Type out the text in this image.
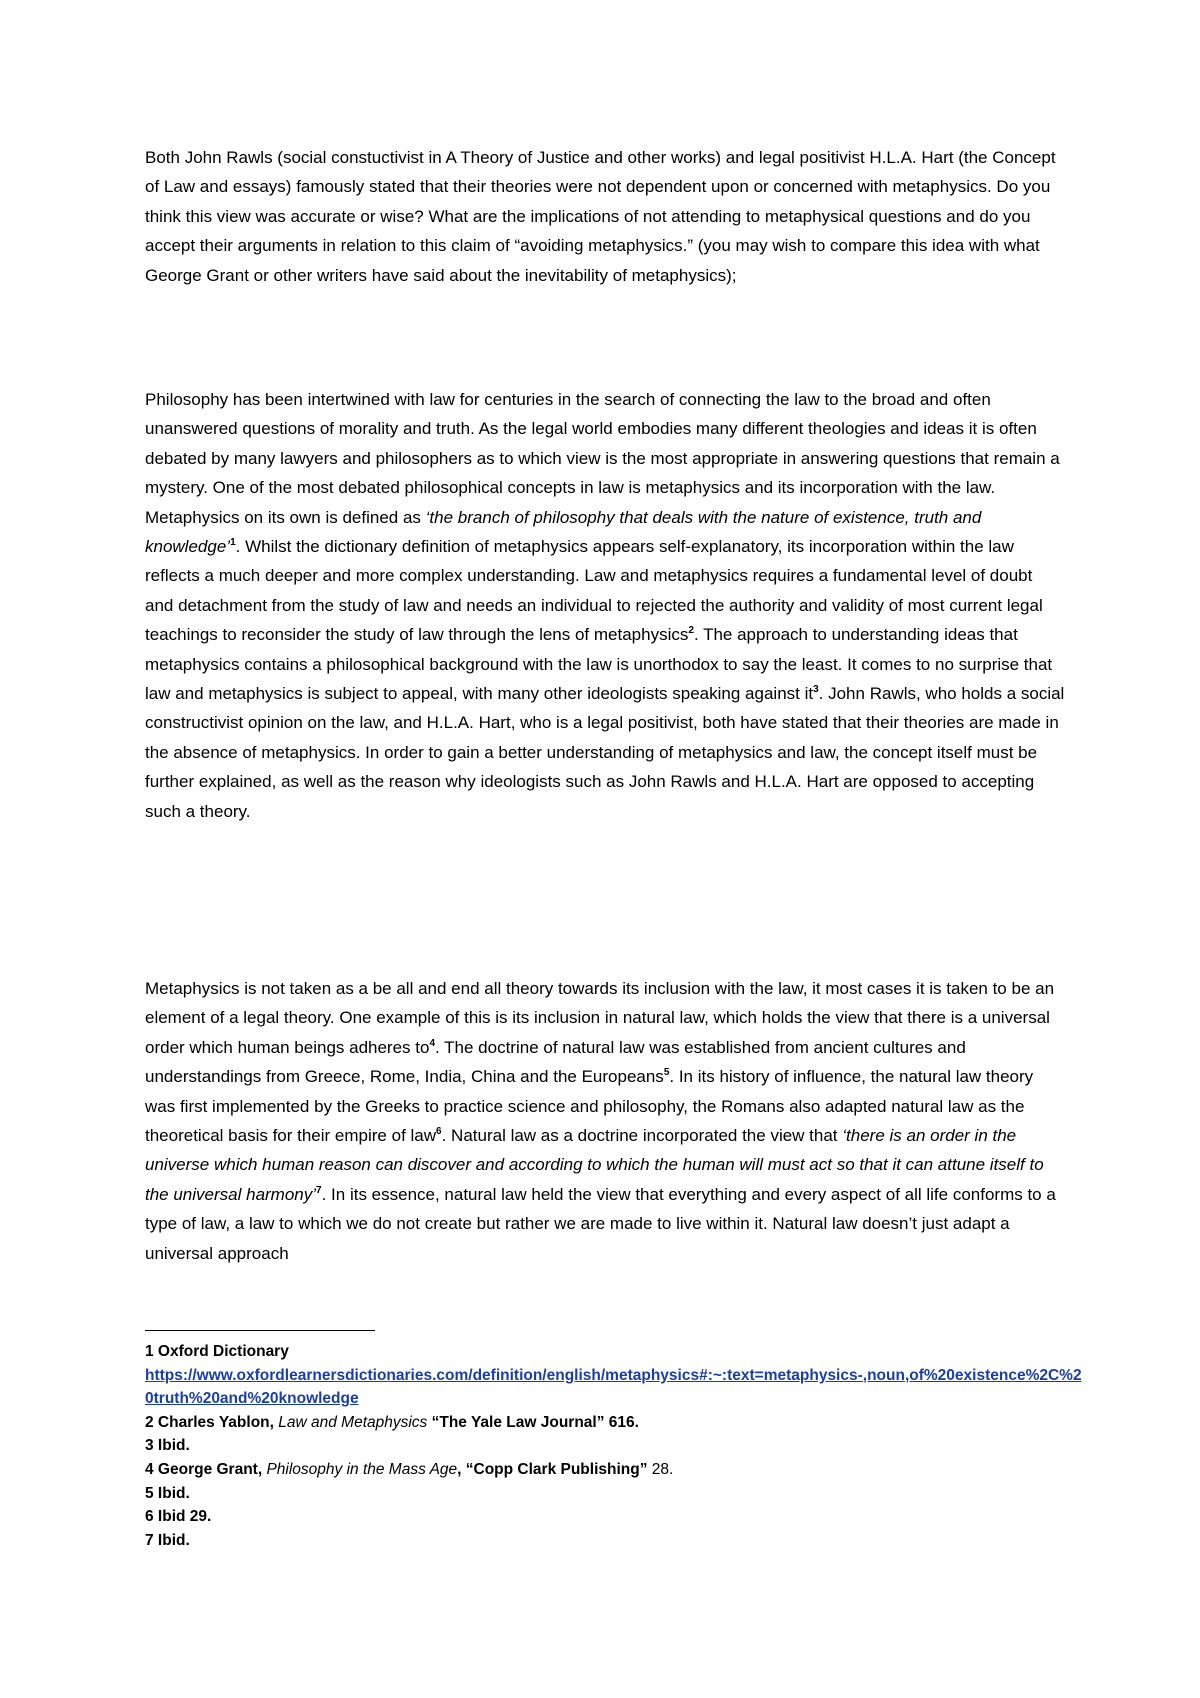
Both John Rawls (social constuctivist in A Theory of Justice and other works) and legal positivist H.L.A. Hart (the Concept of Law and essays) famously stated that their theories were not dependent upon or concerned with metaphysics. Do you think this view was accurate or wise? What are the implications of not attending to metaphysical questions and do you accept their arguments in relation to this claim of “avoiding metaphysics.” (you may wish to compare this idea with what George Grant or other writers have said about the inevitability of metaphysics);

Philosophy has been intertwined with law for centuries in the search of connecting the law to the broad and often unanswered questions of morality and truth. As the legal world embodies many different theologies and ideas it is often debated by many lawyers and philosophers as to which view is the most appropriate in answering questions that remain a mystery. One of the most debated philosophical concepts in law is metaphysics and its incorporation with the law. Metaphysics on its own is defined as ‘the branch of philosophy that deals with the nature of existence, truth and knowledge’$^1$. Whilst the dictionary definition of metaphysics appears self-explanatory, its incorporation within the law reflects a much deeper and more complex understanding. Law and metaphysics requires a fundamental level of doubt and detachment from the study of law and needs an individual to rejected the authority and validity of most current legal teachings to reconsider the study of law through the lens of metaphysics$^2$. The approach to understanding ideas that metaphysics contains a philosophical background with the law is unorthodox to say the least. It comes to no surprise that law and metaphysics is subject to appeal, with many other ideologists speaking against $it^3$. John Rawls, who holds a social constructivist opinion on the law, and H.L.A. Hart, who is a legal positivist, both have stated that their theories are made in the absence of metaphysics. In order to gain a better understanding of metaphysics and law, the concept itself must be further explained, as well as the reason why ideologists such as John Rawls and H.L.A. Hart are opposed to accepting such a theory.

Metaphysics is not taken as a be all and end all theory towards its inclusion with the law, it most cases it is taken to be an element of a legal theory. One example of this is its inclusion in natural law, which holds the view that there is a universal order which human beings adheres $to^4$. The doctrine of natural law was established from ancient cultures and understandings from Greece, Rome, India, China and the Europeans$^5$. In its history of influence, the natural law theory was first implemented by the Greeks to practice science and philosophy, the Romans also adapted natural law as the theoretical basis for their empire of law$^6$. Natural law as a doctrine incorporated the view that ‘there is an order in the universe which human reason can discover and according to which the human will must act so that it can attune itself to the universal harmony’$^7$. In its essence, natural law held the view that everything and every aspect of all life conforms to a type of law, a law to which we do not create but rather we are made to live within it. Natural law doesn’t just adapt a universal approach

1 Oxford Dictionary

https://www.oxfordlearnersdictionaries.com/definition/english/metaphysics#:~:text=metaphysics-,noun,of%20existence%2C%20truth%20and%20knowledge

2 Charles Yablon, Law and Metaphysics “The Yale Law Journal” 616.

3 Ibid.

4 George Grant, Philosophy in the Mass Age, “Copp Clark Publishing” 28.

5 Ibid.

6 Ibid 29.

7 Ibid.
